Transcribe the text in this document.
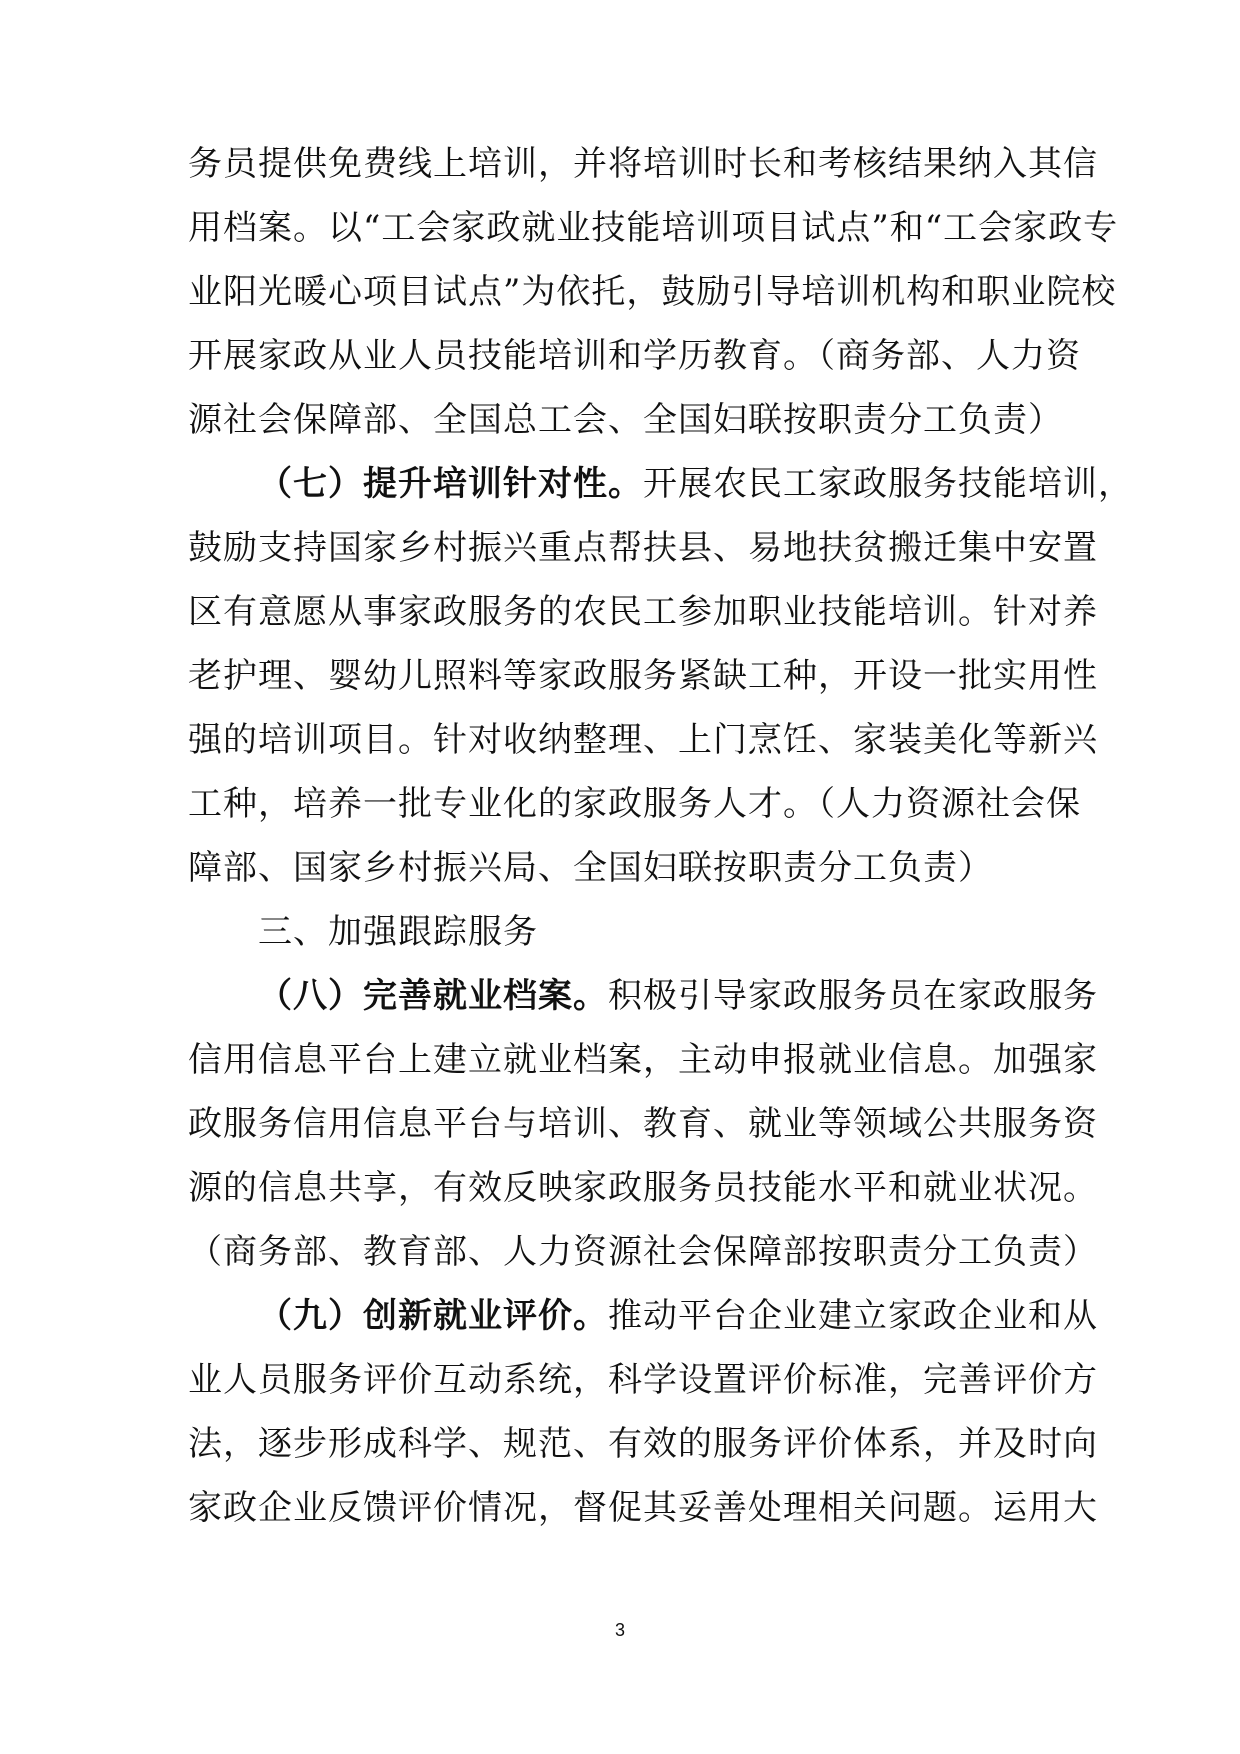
务员提供免费线上培训，并将培训时长和考核结果纳入其信
用档案。以“工会家政就业技能培训项目试点”和“工会家政专
业阳光暖心项目试点”为依托，鼓励引导培训机构和职业院校
开展家政从业人员技能培训和学历教育。（商务部、人力资
源社会保障部、全国总工会、全国妇联按职责分工负责）
（七）提升培训针对性。开展农民工家政服务技能培训，
鼓励支持国家乡村振兴重点帮扶县、易地扶贫搬迁集中安置
区有意愿从事家政服务的农民工参加职业技能培训。针对养
老护理、婴幼儿照料等家政服务紧缺工种，开设一批实用性
强的培训项目。针对收纳整理、上门烹饪、家装美化等新兴
工种，培养一批专业化的家政服务人才。（人力资源社会保
障部、国家乡村振兴局、全国妇联按职责分工负责）
三、加强跟踪服务
（八）完善就业档案。积极引导家政服务员在家政服务
信用信息平台上建立就业档案，主动申报就业信息。加强家
政服务信用信息平台与培训、教育、就业等领域公共服务资
源的信息共享，有效反映家政服务员技能水平和就业状况。
（商务部、教育部、人力资源社会保障部按职责分工负责）
（九）创新就业评价。推动平台企业建立家政企业和从
业人员服务评价互动系统，科学设置评价标准，完善评价方
法，逐步形成科学、规范、有效的服务评价体系，并及时向
家政企业反馈评价情况，督促其妥善处理相关问题。运用大
3
